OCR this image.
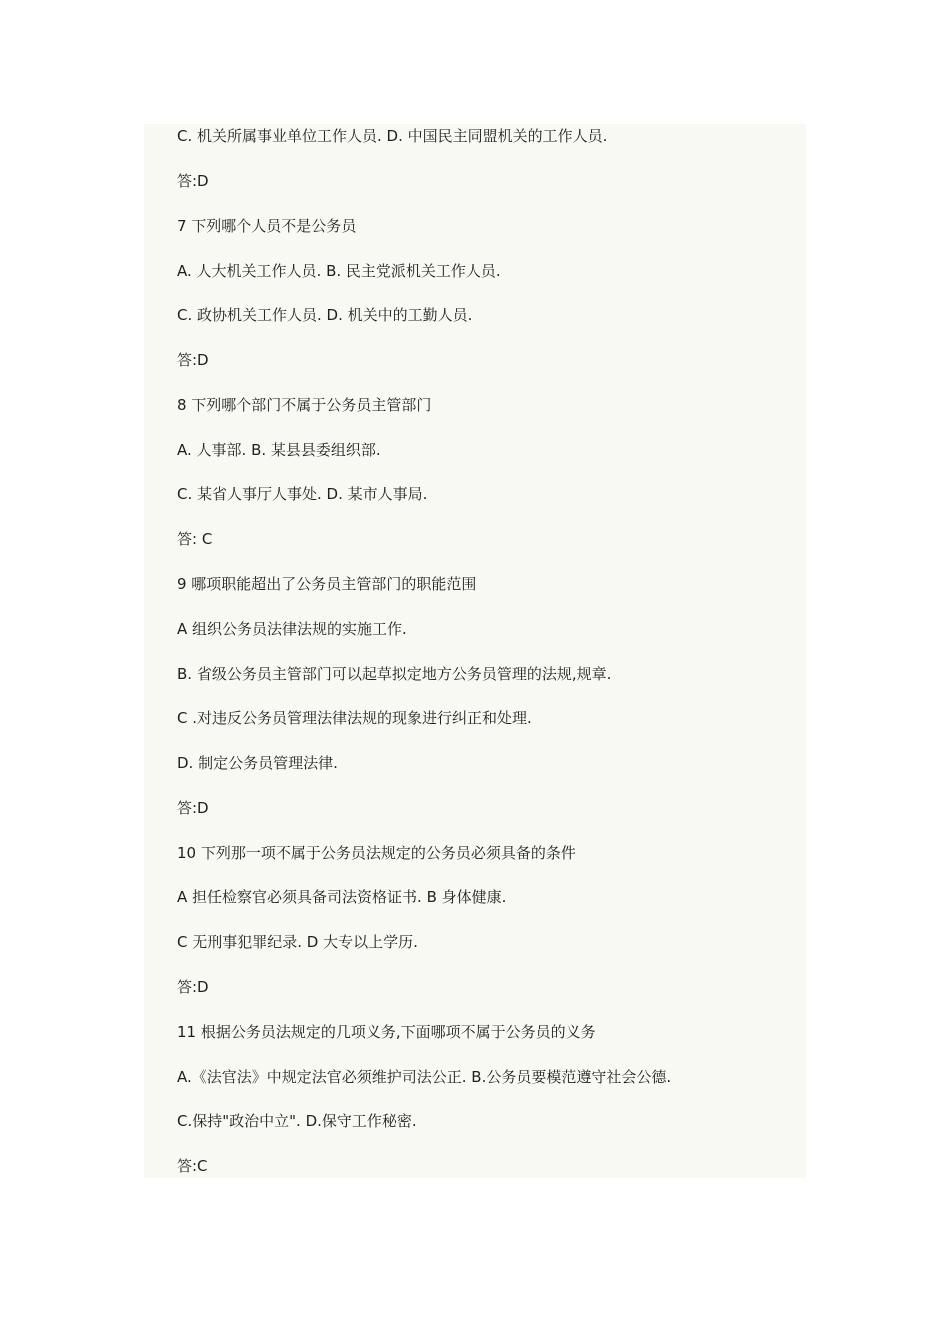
C. 机关所属事业单位工作人员. D. 中国民主同盟机关的工作人员.

答:D

7 下列哪个人员不是公务员

A. 人大机关工作人员. B. 民主党派机关工作人员.

C. 政协机关工作人员. D. 机关中的工勤人员.

答:D

8 下列哪个部门不属于公务员主管部门

A. 人事部. B. 某县县委组织部.

C. 某省人事厅人事处. D. 某市人事局.

答: C

9 哪项职能超出了公务员主管部门的职能范围

A 组织公务员法律法规的实施工作.

B. 省级公务员主管部门可以起草拟定地方公务员管理的法规,规章.

C .对违反公务员管理法律法规的现象进行纠正和处理.

D. 制定公务员管理法律.

答:D

10 下列那一项不属于公务员法规定的公务员必须具备的条件

A 担任检察官必须具备司法资格证书. B 身体健康.

C 无刑事犯罪纪录. D 大专以上学历.

答:D

11 根据公务员法规定的几项义务,下面哪项不属于公务员的义务

A.《法官法》中规定法官必须维护司法公正. B.公务员要模范遵守社会公德.

C.保持"政治中立". D.保守工作秘密.

答:C
